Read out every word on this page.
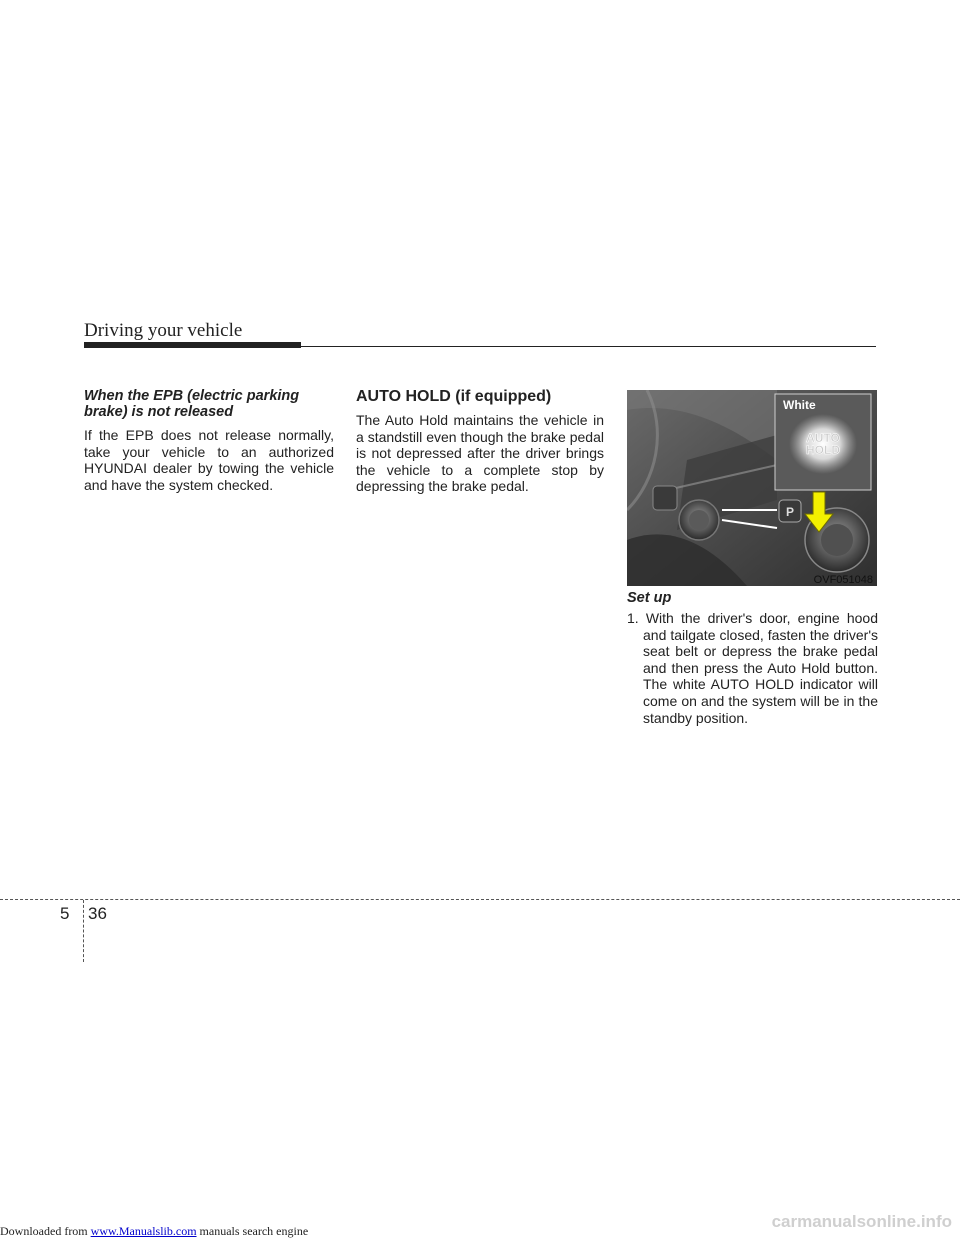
Driving your vehicle
When the EPB (electric parking
brake) is not released
If the EPB does not release normally, take your vehicle to an authorized HYUNDAI dealer by towing the vehicle and have the system checked.
AUTO HOLD (if equipped)
The Auto Hold maintains the vehicle in a standstill even though the brake pedal is not depressed after the driver brings the vehicle to a complete stop by depressing the brake pedal.
P
White
AUTO
HOLD
OVF051048
Set up
1. With the driver's door, engine hood and tailgate closed, fasten the driver's seat belt or depress the brake pedal and then press the Auto Hold button. The white AUTO HOLD indicator will come on and the system will be in the standby position.
5 36
Downloaded from www.Manualslib.com manuals search engine	carmanualsonline.info
